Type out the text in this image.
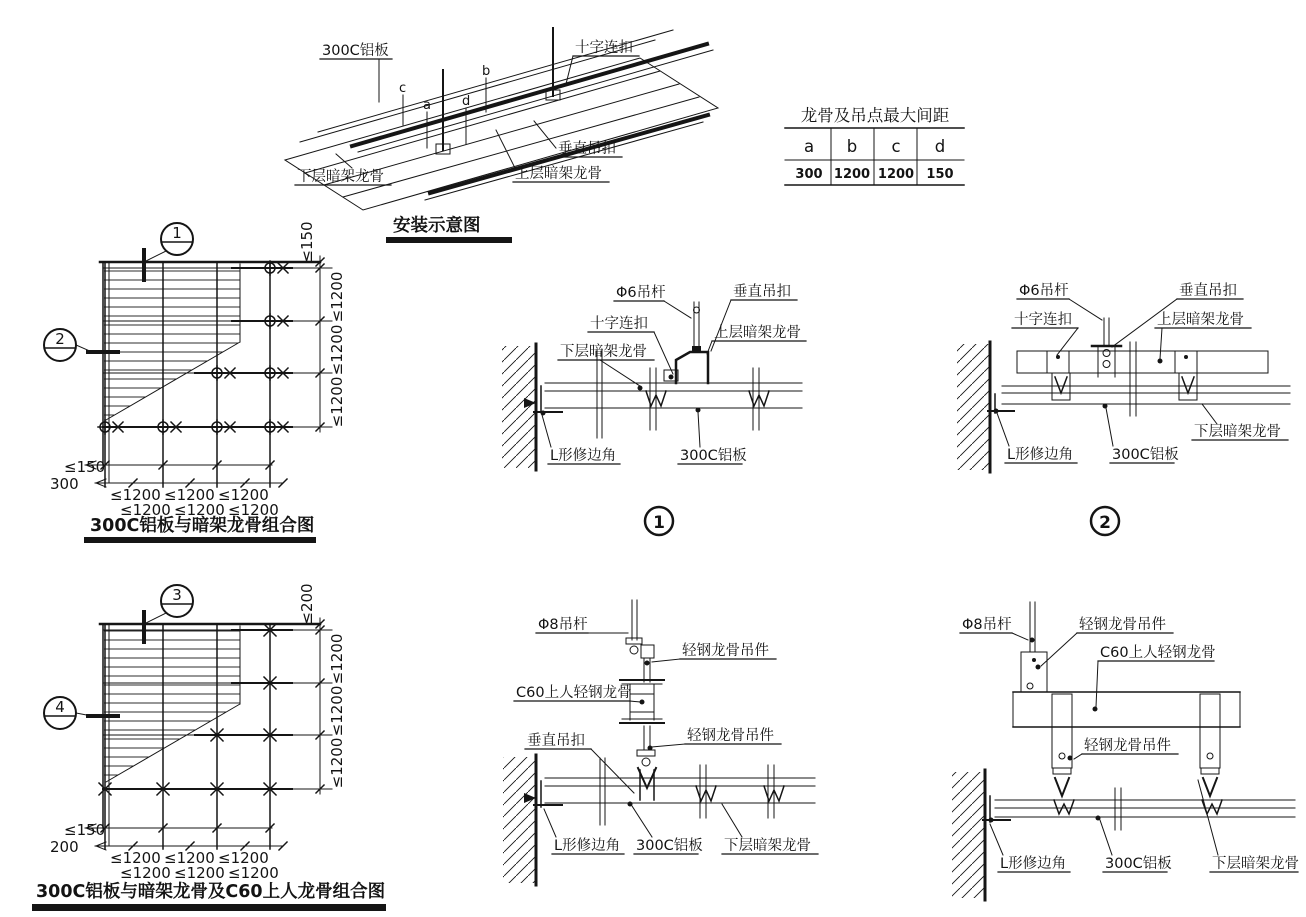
c
a d
b
300C铝板	十字连扣
垂直吊扣
上层暗架龙骨
下层暗架龙骨
安装示意图
龙骨及吊点最大间距
a b c d
300 1200 1200 150
1
2
≤150
≤1200
≤1200
≤1200
≤150
300
≤1200 ≤1200 ≤1200
≤1200 ≤1200 ≤1200
300C铝板与暗架龙骨组合图
3
4
≤200
≤1200
≤1200
≤1200
≤150
200
≤1200 ≤1200 ≤1200
≤1200 ≤1200 ≤1200
300C铝板与暗架龙骨及C60上人龙骨组合图
Φ6吊杆	垂直吊扣
十字连扣
上层暗架龙骨
下层暗架龙骨
L形修边角	300C铝板
1
Φ6吊杆	垂直吊扣
十字连扣	上层暗架龙骨
下层暗架龙骨
L形修边角	300C铝板
2
Φ8吊杆
轻钢龙骨吊件
C60上人轻钢龙骨
轻钢龙骨吊件
垂直吊扣
L形修边角 300C铝板 下层暗架龙骨
Φ8吊杆	轻钢龙骨吊件
C60上人轻钢龙骨
轻钢龙骨吊件
L形修边角	300C铝板	下层暗架龙骨
